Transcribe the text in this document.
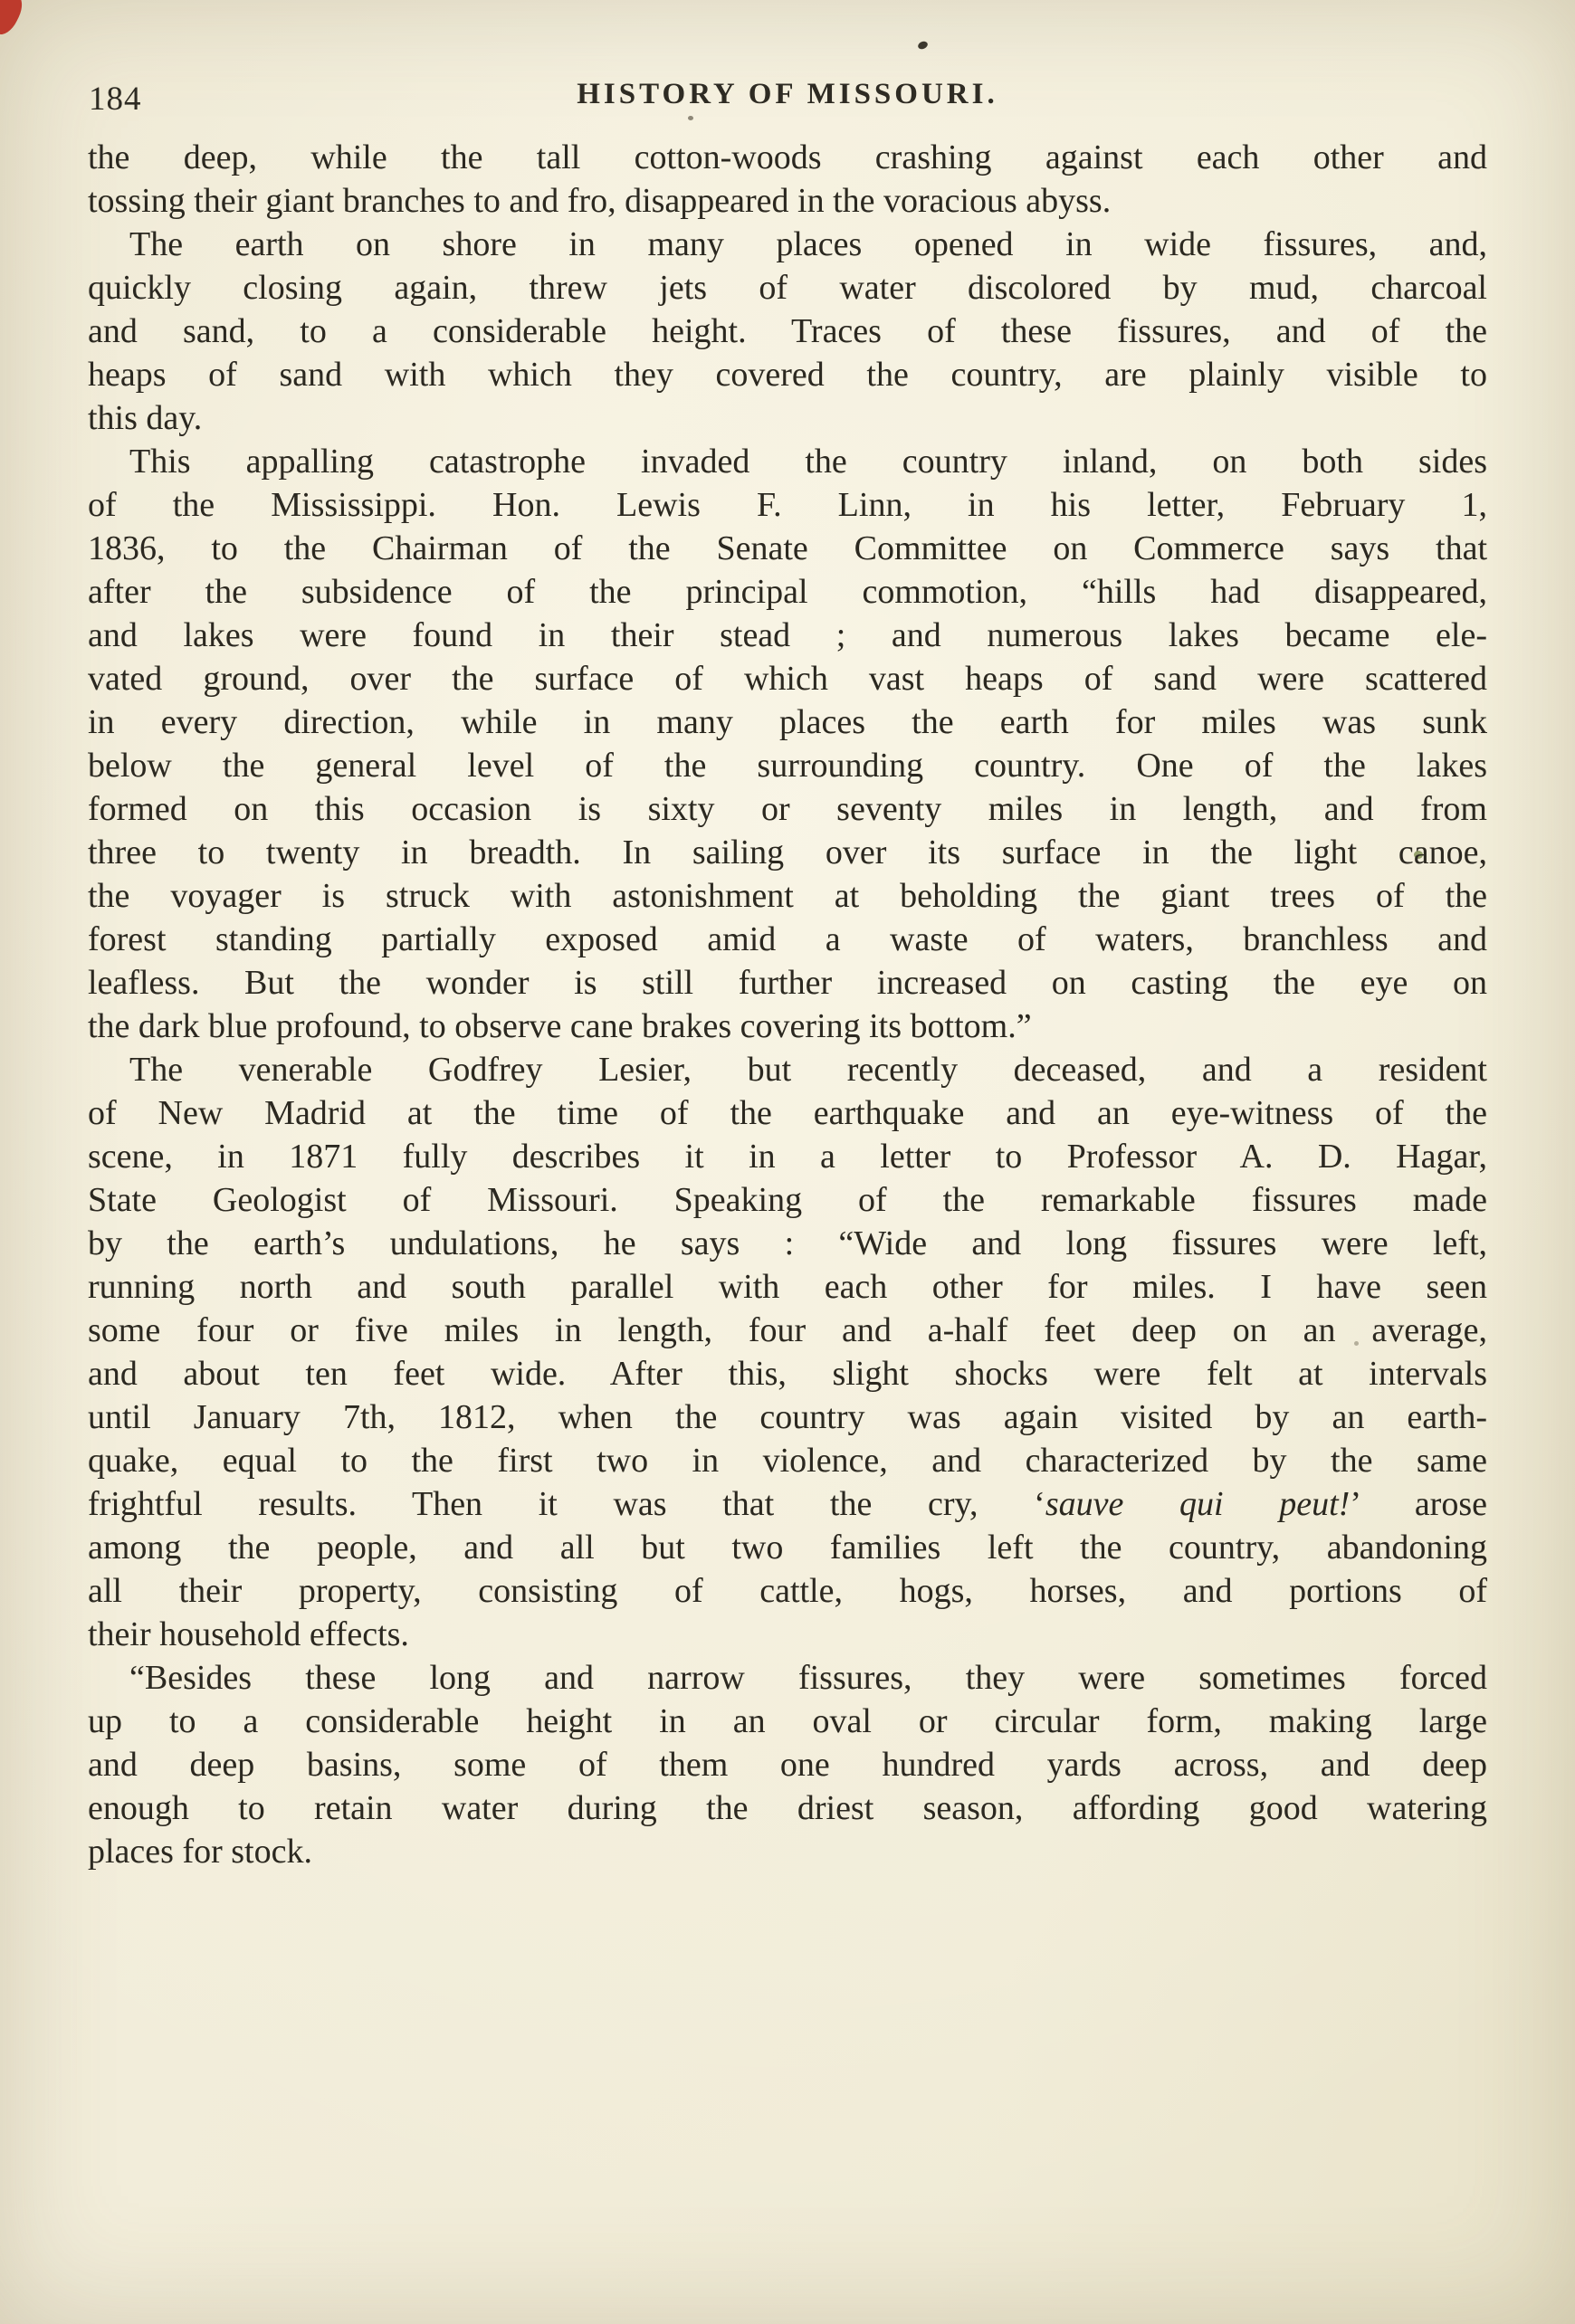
184	HISTORY OF MISSOURI.
the deep, while the tall cotton-woods crashing against each other and
tossing their giant branches to and fro, disappeared in the voracious abyss.
The earth on shore in many places opened in wide fissures, and,
quickly closing again, threw jets of water discolored by mud, charcoal
and sand, to a considerable height. Traces of these fissures, and of the
heaps of sand with which they covered the country, are plainly visible to
this day.
This appalling catastrophe invaded the country inland, on both sides
of the Mississippi. Hon. Lewis F. Linn, in his letter, February 1,
1836, to the Chairman of the Senate Committee on Commerce says that
after the subsidence of the principal commotion, “hills had disappeared,
and lakes were found in their stead ; and numerous lakes became ele-
vated ground, over the surface of which vast heaps of sand were scattered
in every direction, while in many places the earth for miles was sunk
below the general level of the surrounding country. One of the lakes
formed on this occasion is sixty or seventy miles in length, and from
three to twenty in breadth. In sailing over its surface in the light canoe,
the voyager is struck with astonishment at beholding the giant trees of the
forest standing partially exposed amid a waste of waters, branchless and
leafless. But the wonder is still further increased on casting the eye on
the dark blue profound, to observe cane brakes covering its bottom.”
The venerable Godfrey Lesier, but recently deceased, and a resident
of New Madrid at the time of the earthquake and an eye-witness of the
scene, in 1871 fully describes it in a letter to Professor A. D. Hagar,
State Geologist of Missouri. Speaking of the remarkable fissures made
by the earth’s undulations, he says : “Wide and long fissures were left,
running north and south parallel with each other for miles. I have seen
some four or five miles in length, four and a-half feet deep on an average,
and about ten feet wide. After this, slight shocks were felt at intervals
until January 7th, 1812, when the country was again visited by an earth-
quake, equal to the first two in violence, and characterized by the same
frightful results. Then it was that the cry, ‘sauve qui peut!’ arose
among the people, and all but two families left the country, abandoning
all their property, consisting of cattle, hogs, horses, and portions of
their household effects.
“Besides these long and narrow fissures, they were sometimes forced
up to a considerable height in an oval or circular form, making large
and deep basins, some of them one hundred yards across, and deep
enough to retain water during the driest season, affording good watering
places for stock.
